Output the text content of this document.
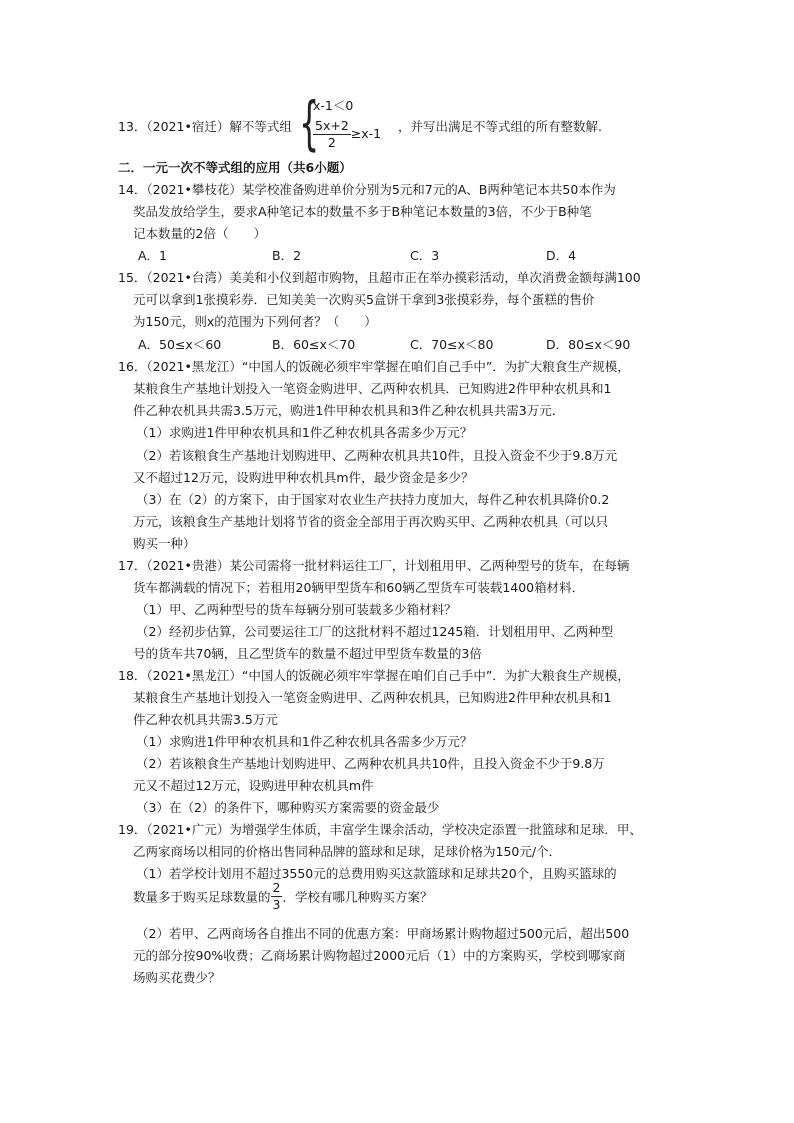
13．（2021•宿迁）解不等式组 {
x-1＜0
$\frac{5x+2}{2} \ge x-1$ ，并写出满足不等式组的所有整数解.
二．一元一次不等式组的应用（共6小题）
14．（2021•攀枝花）某学校准备购进单价分别为5元和7元的A、B两种笔记本共50本作为
奖品发放给学生，要求A种笔记本的数量不多于B种笔记本数量的3倍，不少于B种笔
记本数量的2倍（　　）
A．1	B．2	C．3	D．4
15．（2021•台湾）美美和小仪到超市购物，且超市正在举办摸彩活动，单次消费金额每满100
元可以拿到1张摸彩券．已知美美一次购买5盒饼干拿到3张摸彩券，每个蛋糕的售价
为150元，则x的范围为下列何者？（　　）
A．50≤x＜60	B．60≤x＜70	C．70≤x＜80	D．80≤x＜90
16．（2021•黑龙江）“中国人的饭碗必须牢牢掌握在咱们自己手中”．为扩大粮食生产规模，
某粮食生产基地计划投入一笔资金购进甲、乙两种农机具．已知购进2件甲种农机具和1
件乙种农机具共需3.5万元，购进1件甲种农机具和3件乙种农机具共需3万元．
（1）求购进1件甲种农机具和1件乙种农机具各需多少万元？
（2）若该粮食生产基地计划购进甲、乙两种农机具共10件，且投入资金不少于9.8万元
又不超过12万元，设购进甲种农机具m件，最少资金是多少？
（3）在（2）的方案下，由于国家对农业生产扶持力度加大，每件乙种农机具降价0.2
万元，该粮食生产基地计划将节省的资金全部用于再次购买甲、乙两种农机具（可以只
购买一种）
17．（2021•贵港）某公司需将一批材料运往工厂，计划租用甲、乙两种型号的货车，在每辆
货车都满载的情况下；若租用20辆甲型货车和60辆乙型货车可装载1400箱材料．
（1）甲、乙两种型号的货车每辆分别可装载多少箱材料？
（2）经初步估算，公司要运往工厂的这批材料不超过1245箱．计划租用甲、乙两种型
号的货车共70辆，且乙型货车的数量不超过甲型货车数量的3倍
18．（2021•黑龙江）“中国人的饭碗必须牢牢掌握在咱们自己手中”．为扩大粮食生产规模，
某粮食生产基地计划投入一笔资金购进甲、乙两种农机具，已知购进2件甲种农机具和1
件乙种农机具共需3.5万元
（1）求购进1件甲种农机具和1件乙种农机具各需多少万元？
（2）若该粮食生产基地计划购进甲、乙两种农机具共10件，且投入资金不少于9.8万
元又不超过12万元，设购进甲种农机具m件
（3）在（2）的条件下，哪种购买方案需要的资金最少
19．（2021•广元）为增强学生体质，丰富学生课余活动，学校决定添置一批篮球和足球．甲、
乙两家商场以相同的价格出售同种品牌的篮球和足球，足球价格为150元/个．
（1）若学校计划用不超过3550元的总费用购买这款篮球和足球共20个，且购买篮球的
数量多于购买足球数量的 $\frac{2}{3}$ ．学校有哪几种购买方案？
（2）若甲、乙两商场各自推出不同的优惠方案：甲商场累计购物超过500元后，超出500
元的部分按90%收费；乙商场累计购物超过2000元后（1）中的方案购买，学校到哪家商
场购买花费少？
